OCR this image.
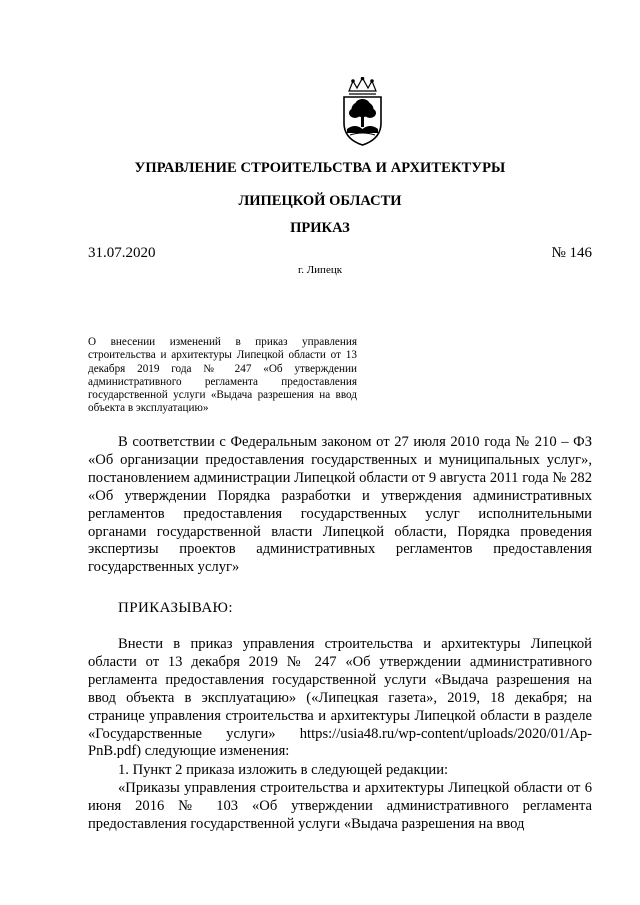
УПРАВЛЕНИЕ СТРОИТЕЛЬСТВА И АРХИТЕКТУРЫ
ЛИПЕЦКОЙ ОБЛАСТИ
ПРИКАЗ
31.07.2020	№ 146
г. Липецк
О внесении изменений в приказ управления строительства и архитектуры Липецкой области от 13 декабря 2019 года № 247 «Об утверждении административного регламента предоставления государственной услуги «Выдача разрешения на ввод объекта в эксплуатацию»
В соответствии с Федеральным законом от 27 июля 2010 года № 210 – ФЗ «Об организации предоставления государственных и муниципальных услуг», постановлением администрации Липецкой области от 9 августа 2011 года № 282 «Об утверждении Порядка разработки и утверждения административных регламентов предоставления государственных услуг исполнительными органами государственной власти Липецкой области, Порядка проведения экспертизы проектов административных регламентов предоставления государственных услуг»
ПРИКАЗЫВАЮ:
Внести в приказ управления строительства и архитектуры Липецкой области от 13 декабря 2019 № 247 «Об утверждении административного регламента предоставления государственной услуги «Выдача разрешения на ввод объекта в эксплуатацию» («Липецкая газета», 2019, 18 декабря; на странице управления строительства и архитектуры Липецкой области в разделе «Государственные услуги» https://usia48.ru/wp-content/uploads/2020/01/Ap-PnB.pdf) следующие изменения:
1. Пункт 2 приказа изложить в следующей редакции:
«Приказы управления строительства и архитектуры Липецкой области от 6 июня 2016 № 103 «Об утверждении административного регламента предоставления государственной услуги «Выдача разрешения на ввод
